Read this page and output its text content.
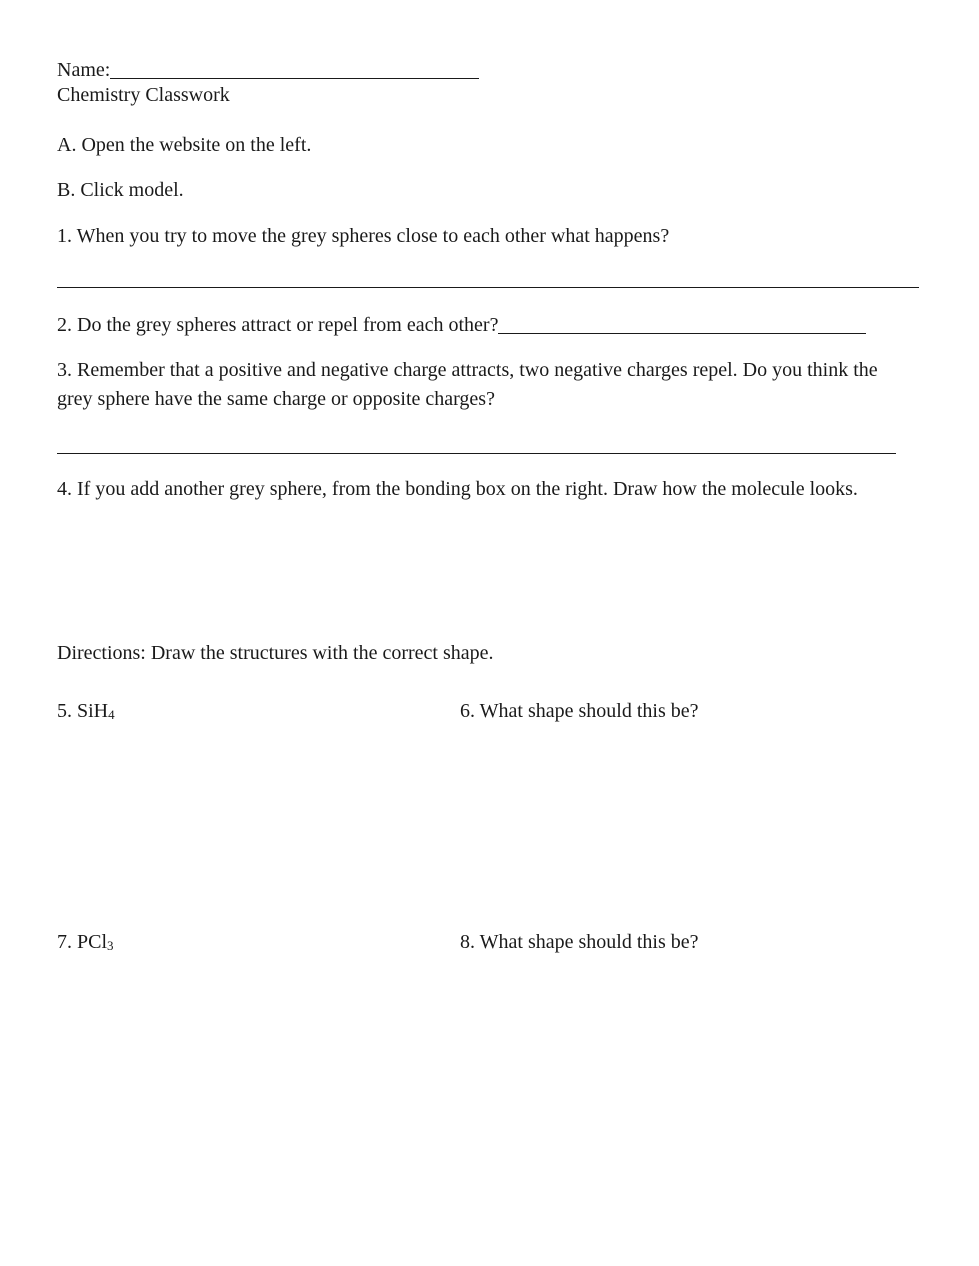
Name:
Chemistry Classwork
A. Open the website on the left.
B. Click model.
1. When you try to move the grey spheres close to each other what happens?
2. Do the grey spheres attract or repel from each other?
3. Remember that a positive and negative charge attracts, two negative charges repel. Do you think the grey sphere have the same charge or opposite charges?
4. If you add another grey sphere, from the bonding box on the right. Draw how the molecule looks.
Directions: Draw the structures with the correct shape.
5. SiH$_4$	6. What shape should this be?
7. PCl$_3$	8. What shape should this be?
